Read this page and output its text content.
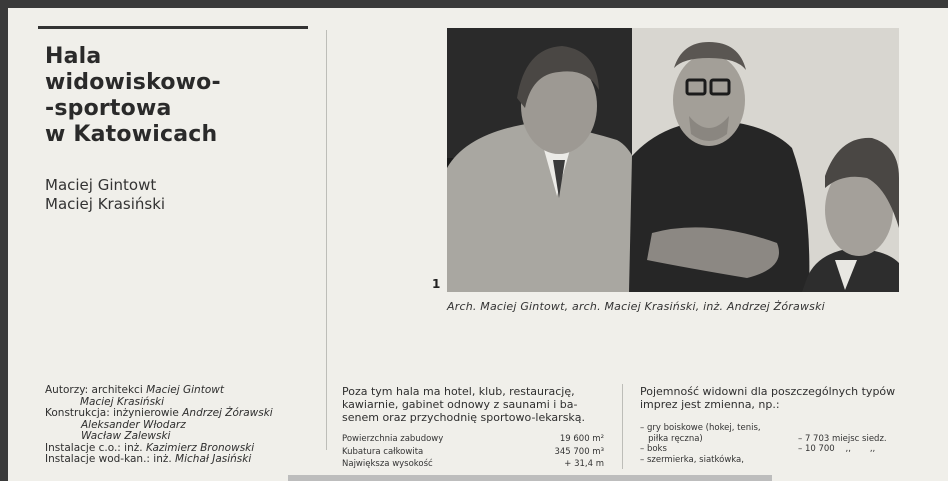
Hala
widowiskowo-
-sportowa
w Katowicach
Maciej Gintowt
Maciej Krasiński
1
Arch. Maciej Gintowt, arch. Maciej Krasiński, inż. Andrzej Żórawski
Autorzy: architekci Maciej Gintowt
Maciej Krasiński
Konstrukcja: inżynierowie Andrzej Żórawski
Aleksander Włodarz
Wacław Zalewski
Instalacje c.o.: inż. Kazimierz Bronowski
Instalacje wod-kan.: inż. Michał Jasiński
Poza tym hala ma hotel, klub, restaurację,
kawiarnie, gabinet odnowy z saunami i ba-
senem oraz przychodnię sportowo-lekarską.
Powierzchnia zabudowy	19 600 m²
Kubatura całkowita	345 700 m³
Największa wysokość	+ 31,4 m
Pojemność widowni dla poszczególnych typów
imprez jest zmienna, np.:
– gry boiskowe (hokej, tenis,
piłka ręczna)	– 7 703 miejsc siedz.
– boks	– 10 700    ,,       ,,
– szermierka, siatkówka,
